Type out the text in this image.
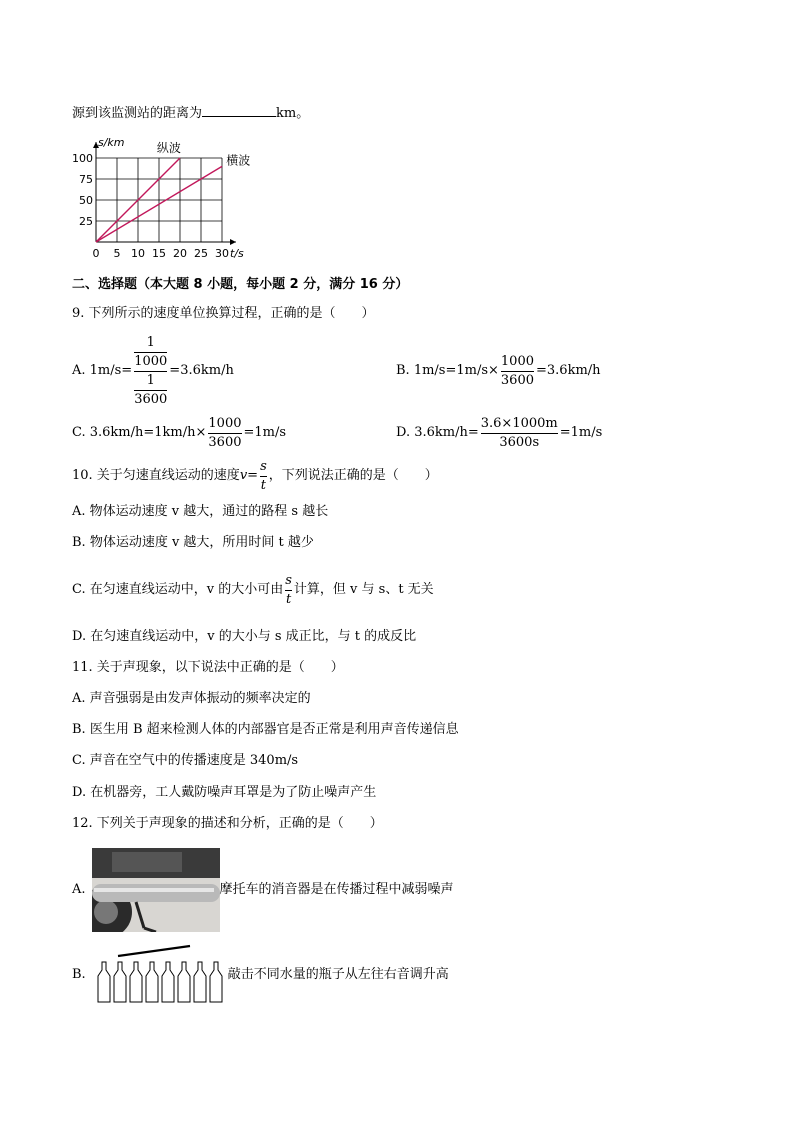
源到该监测站的距离为	km。
0 5 10 15 20 25 30
25
50
75
100
s/km
t/s
纵波
横波
二、选择题（本大题 8 小题，每小题 2 分，满分 16 分）
9. 下列所示的速度单位换算过程，正确的是（　　）
A. 1m/s= 1
1000
1
3600 =3.6km/h	B. $1m/s=1m/s\times \frac{1000}{3600} =3.6km/h$
C. $3.6km/h=1km/h\times \frac{1000}{3600} =1m/s$	D. $3.6km/h= \frac{3.6\times 1000m}{3600s} =1m/s$
10. 关于匀速直线运动的速度 $v = \frac{s}{t}$ ，下列说法正确的是（　　）
A. 物体运动速度 v 越大，通过的路程 s 越长
B. 物体运动速度 v 越大，所用时间 t 越少
C. 在匀速直线运动中，v 的大小可由 $\frac{s}{t}$ 计算，但 v 与 s、t 无关
D. 在匀速直线运动中，v 的大小与 s 成正比，与 t 的成反比
11. 关于声现象，以下说法中正确的是（　　）
A. 声音强弱是由发声体振动的频率决定的
B. 医生用 B 超来检测人体的内部器官是否正常是利用声音传递信息
C. 声音在空气中的传播速度是 340m/s
D. 在机器旁，工人戴防噪声耳罩是为了防止噪声产生
12. 下列关于声现象的描述和分析，正确的是（　　）
A.	摩托车的消音器是在传播过程中减弱噪声
B.	敲击不同水量的瓶子从左往右音调升高
